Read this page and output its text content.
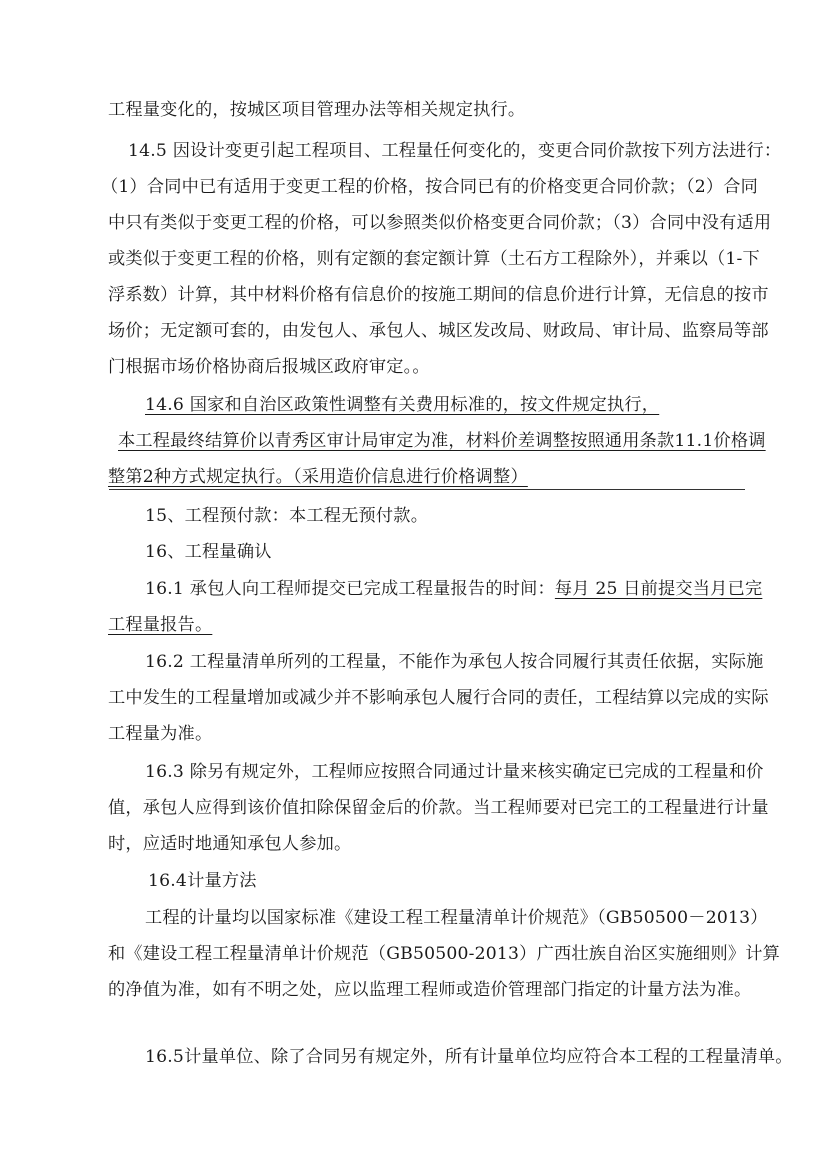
工程量变化的，按城区项目管理办法等相关规定执行。
14.5 因设计变更引起工程项目、工程量任何变化的，变更合同价款按下列方法进行：
（1）合同中已有适用于变更工程的价格，按合同已有的价格变更合同价款；（2）合同
中只有类似于变更工程的价格，可以参照类似价格变更合同价款；（3）合同中没有适用
或类似于变更工程的价格，则有定额的套定额计算（土石方工程除外），并乘以（1-下
浮系数）计算，其中材料价格有信息价的按施工期间的信息价进行计算，无信息的按市
场价；无定额可套的，由发包人、承包人、城区发改局、财政局、审计局、监察局等部
门根据市场价格协商后报城区政府审定。。
14.6 国家和自治区政策性调整有关费用标准的，按文件规定执行，
本工程最终结算价以青秀区审计局审定为准，材料价差调整按照通用条款11.1价格调
整第2种方式规定执行。（采用造价信息进行价格调整）
15、工程预付款：本工程无预付款。
16、工程量确认
16.1 承包人向工程师提交已完成工程量报告的时间：每月 25 日前提交当月已完
工程量报告。
16.2 工程量清单所列的工程量，不能作为承包人按合同履行其责任依据，实际施
工中发生的工程量增加或减少并不影响承包人履行合同的责任，工程结算以完成的实际
工程量为准。
16.3 除另有规定外，工程师应按照合同通过计量来核实确定已完成的工程量和价
值，承包人应得到该价值扣除保留金后的价款。当工程师要对已完工的工程量进行计量
时，应适时地通知承包人参加。
16.4计量方法
工程的计量均以国家标准《建设工程工程量清单计价规范》（GB50500－2013）
和《建设工程工程量清单计价规范（GB50500-2013）广西壮族自治区实施细则》计算
的净值为准，如有不明之处，应以监理工程师或造价管理部门指定的计量方法为准。
16.5计量单位、除了合同另有规定外，所有计量单位均应符合本工程的工程量清单。
